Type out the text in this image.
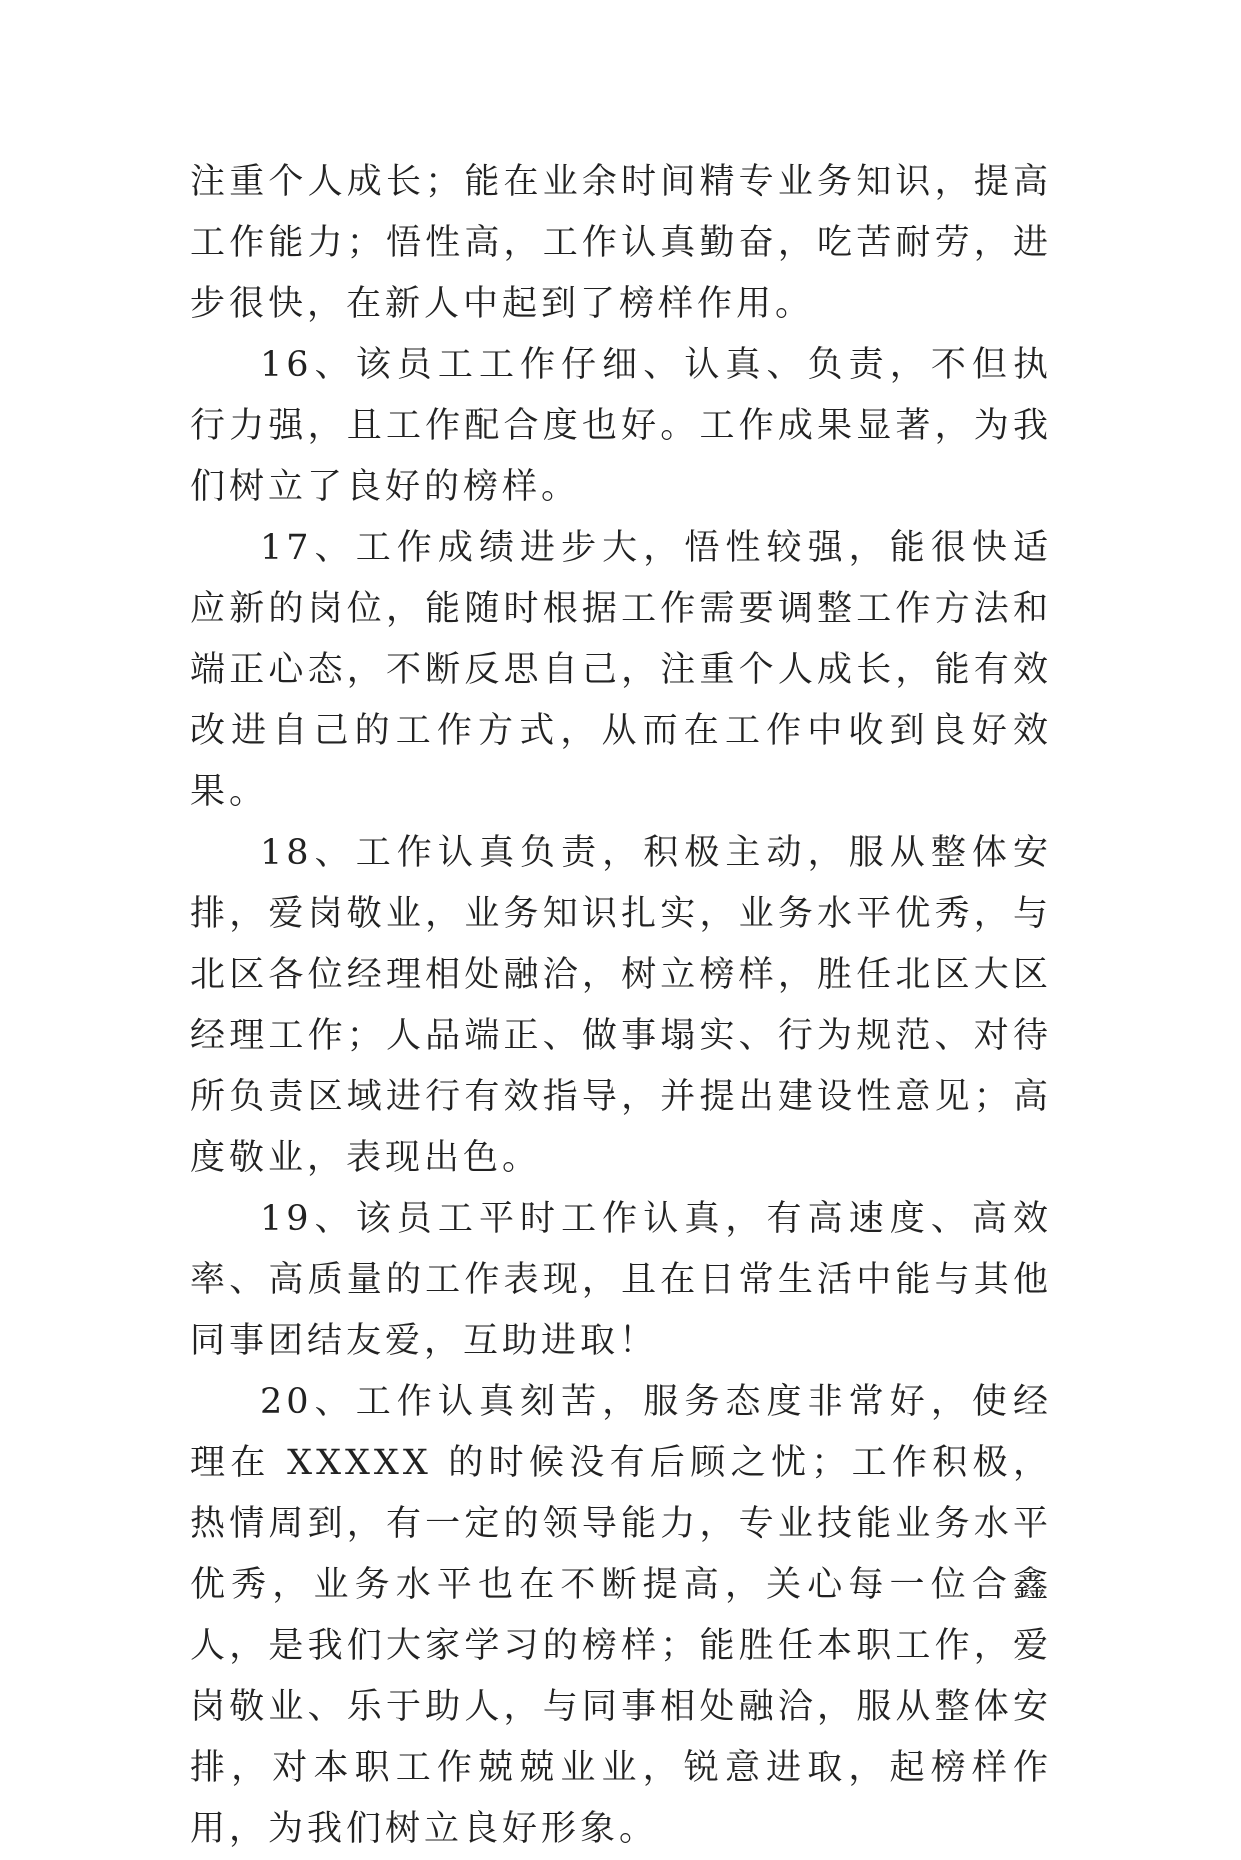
注重个人成长；能在业余时间精专业务知识，提高工作能力；悟性高，工作认真勤奋，吃苦耐劳，进步很快，在新人中起到了榜样作用。

16、该员工工作仔细、认真、负责，不但执行力强，且工作配合度也好。工作成果显著，为我们树立了良好的榜样。

17、工作成绩进步大，悟性较强，能很快适应新的岗位，能随时根据工作需要调整工作方法和端正心态，不断反思自己，注重个人成长，能有效改进自己的工作方式，从而在工作中收到良好效果。

18、工作认真负责，积极主动，服从整体安排，爱岗敬业，业务知识扎实，业务水平优秀，与北区各位经理相处融洽，树立榜样，胜任北区大区经理工作；人品端正、做事塌实、行为规范、对待所负责区域进行有效指导，并提出建设性意见；高度敬业，表现出色。

19、该员工平时工作认真，有高速度、高效率、高质量的工作表现，且在日常生活中能与其他同事团结友爱，互助进取！

20、工作认真刻苦，服务态度非常好，使经理在 XXXXX 的时候没有后顾之忧；工作积极，热情周到，有一定的领导能力，专业技能业务水平优秀，业务水平也在不断提高，关心每一位合鑫人，是我们大家学习的榜样；能胜任本职工作，爱岗敬业、乐于助人，与同事相处融洽，服从整体安排，对本职工作兢兢业业，锐意进取，起榜样作用，为我们树立良好形象。
